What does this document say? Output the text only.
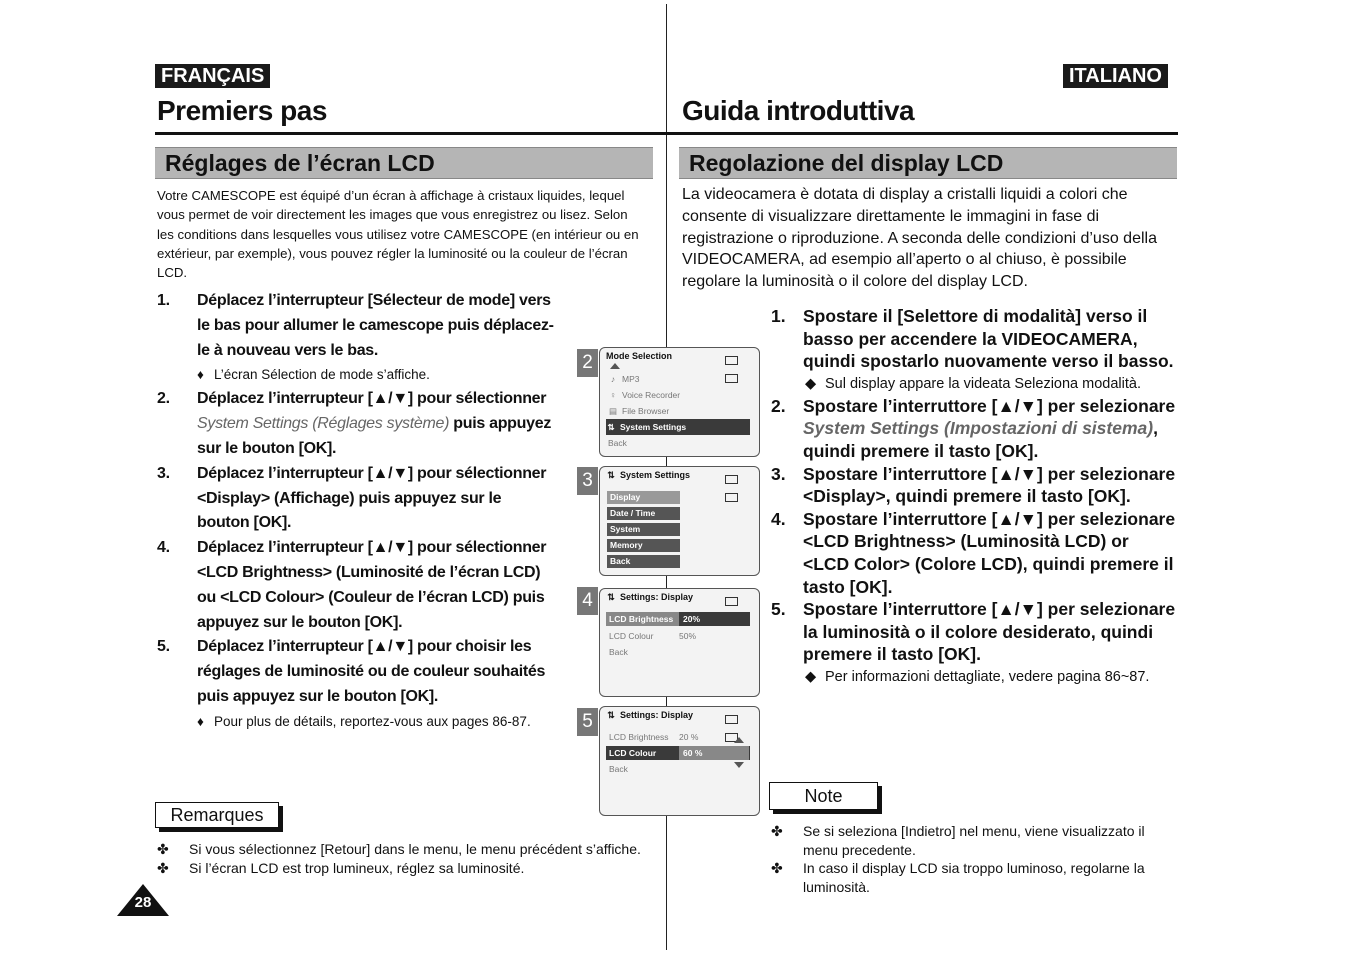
FRANÇAIS
Premiers pas
Réglages de l’écran LCD
Votre CAMESCOPE est équipé d’un écran à affichage à cristaux liquides, lequel vous permet de voir directement les images que vous enregistrez ou lisez. Selon les conditions dans lesquelles vous utilisez votre CAMESCOPE (en intérieur ou en extérieur, par exemple), vous pouvez régler la luminosité ou la couleur de l’écran LCD.
1. Déplacez l’interrupteur [Sélecteur de mode] vers le bas pour allumer le camescope puis déplacez-le à nouveau vers le bas.
♦ L’écran Sélection de mode s’affiche.
2. Déplacez l’interrupteur [▲/▼] pour sélectionner System Settings (Réglages système) puis appuyez sur le bouton [OK].
3. Déplacez l’interrupteur [▲/▼] pour sélectionner <Display> (Affichage) puis appuyez sur le bouton [OK].
4. Déplacez l’interrupteur [▲/▼] pour sélectionner <LCD Brightness> (Luminosité de l’écran LCD) ou <LCD Colour> (Couleur de l’écran LCD) puis appuyez sur le bouton [OK].
5. Déplacez l’interrupteur [▲/▼] pour choisir les réglages de luminosité ou de couleur souhaités puis appuyez sur le bouton [OK].
♦ Pour plus de détails, reportez-vous aux pages 86-87.
Remarques
✤ Si vous sélectionnez [Retour] dans le menu, le menu précédent s’affiche.
✤ Si l’écran LCD est trop lumineux, réglez sa luminosité.
28
2	Mode Selection
♪ MP3
♀ Voice Recorder
▤ File Browser
⇅ System Settings
Back
3	⇅ System Settings
Display
Date / Time
System
Memory
Back
4	⇅ Settings: Display
LCD Brightness 20%
LCD Colour	50%
Back
5	⇅ Settings: Display
LCD Brightness 20 %
LCD Colour	60 %
Back
ITALIANO
Guida introduttiva
Regolazione del display LCD
La videocamera è dotata di display a cristalli liquidi a colori che consente di visualizzare direttamente le immagini in fase di registrazione o riproduzione. A seconda delle condizioni d’uso della VIDEOCAMERA, ad esempio all’aperto o al chiuso, è possibile regolare la luminosità o il colore del display LCD.
1. Spostare il [Selettore di modalità] verso il basso per accendere la VIDEOCAMERA, quindi spostarlo nuovamente verso il basso.
◆ Sul display appare la videata Seleziona modalità.
2. Spostare l’interruttore [▲/▼] per selezionare System Settings (Impostazioni di sistema), quindi premere il tasto [OK].
3. Spostare l’interruttore [▲/▼] per selezionare <Display>, quindi premere il tasto [OK].
4. Spostare l’interruttore [▲/▼] per selezionare <LCD Brightness> (Luminosità LCD) or <LCD Color> (Colore LCD), quindi premere il tasto [OK].
5. Spostare l’interruttore [▲/▼] per selezionare la luminosità o il colore desiderato, quindi premere il tasto [OK].
◆ Per informazioni dettagliate, vedere pagina 86~87.
Note
✤ Se si seleziona [Indietro] nel menu, viene visualizzato il menu precedente.
✤ In caso il display LCD sia troppo luminoso, regolarne la luminosità.
